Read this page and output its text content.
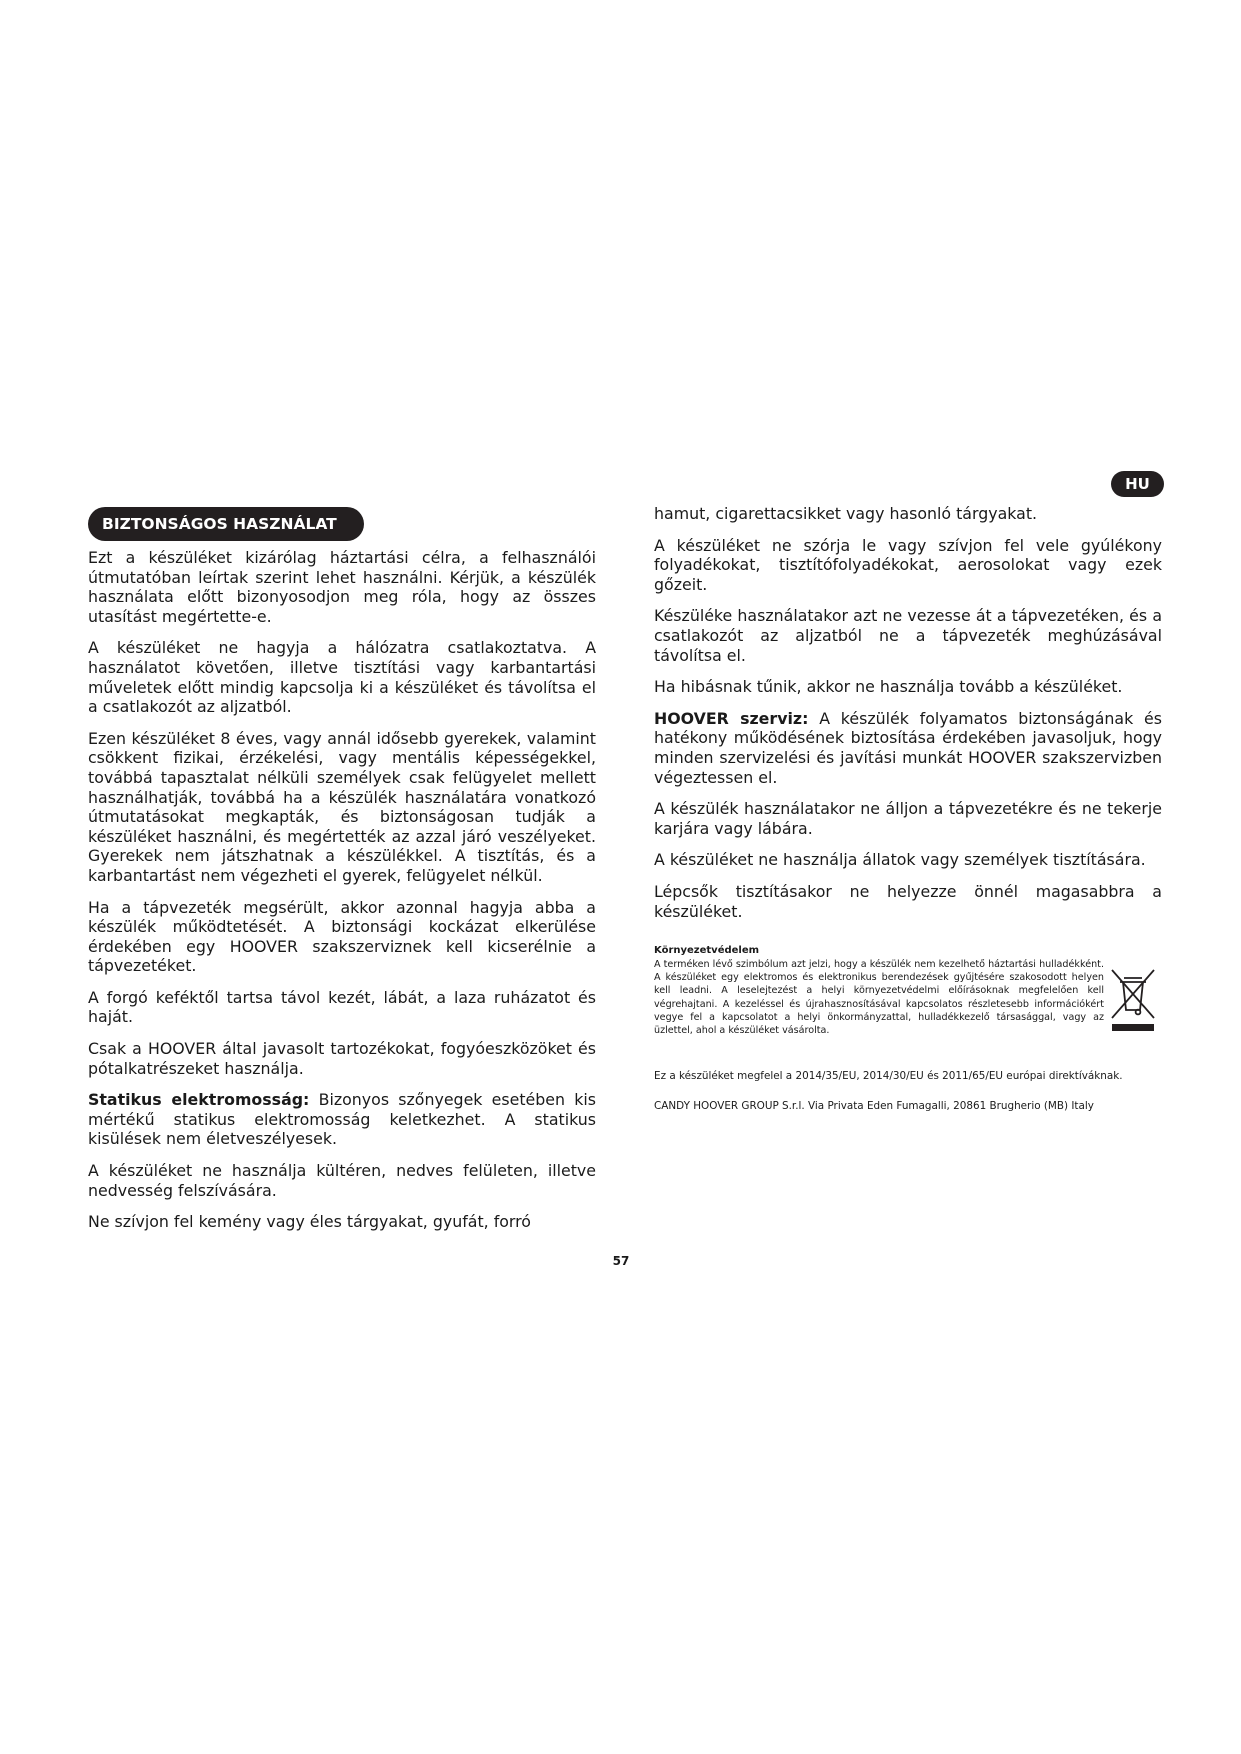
HU
BIZTONSÁGOS HASZNÁLAT

Ezt a készüléket kizárólag háztartási célra, a felhasználói útmutatóban leírtak szerint lehet használni. Kérjük, a készülék használata előtt bizonyosodjon meg róla, hogy az összes utasítást megértette-e.

A készüléket ne hagyja a hálózatra csatlakoztatva. A használatot követően, illetve tisztítási vagy karbantartási műveletek előtt mindig kapcsolja ki a készüléket és távolítsa el a csatlakozót az aljzatból.

Ezen készüléket 8 éves, vagy annál idősebb gyerekek, valamint csökkent fizikai, érzékelési, vagy mentális képességekkel, továbbá tapasztalat nélküli személyek csak felügyelet mellett használhatják, továbbá ha a készülék használatára vonatkozó útmutatásokat megkapták, és biztonságosan tudják a készüléket használni, és megértették az azzal járó veszélyeket. Gyerekek nem játszhatnak a készülékkel. A tisztítás, és a karbantartást nem végezheti el gyerek, felügyelet nélkül.

Ha a tápvezeték megsérült, akkor azonnal hagyja abba a készülék működtetését. A biztonsági kockázat elkerülése érdekében egy HOOVER szakszerviznek kell kicserélnie a tápvezetéket.

A forgó keféktől tartsa távol kezét, lábát, a laza ruházatot és haját.

Csak a HOOVER által javasolt tartozékokat, fogyóeszközöket és pótalkatrészeket használja.

Statikus elektromosság: Bizonyos szőnyegek esetében kis mértékű statikus elektromosság keletkezhet. A statikus kisülések nem életveszélyesek.

A készüléket ne használja kültéren, nedves felületen, illetve nedvesség felszívására.

Ne szívjon fel kemény vagy éles tárgyakat, gyufát, forró

hamut, cigarettacsikket vagy hasonló tárgyakat.

A készüléket ne szórja le vagy szívjon fel vele gyúlékony folyadékokat, tisztítófolyadékokat, aerosolokat vagy ezek gőzeit.

Készüléke használatakor azt ne vezesse át a tápvezetéken, és a csatlakozót az aljzatból ne a tápvezeték meghúzásával távolítsa el.

Ha hibásnak tűnik, akkor ne használja tovább a készüléket.

HOOVER szerviz: A készülék folyamatos biztonságának és hatékony működésének biztosítása érdekében javasoljuk, hogy minden szervizelési és javítási munkát HOOVER szakszervizben végeztessen el.

A készülék használatakor ne álljon a tápvezetékre és ne tekerje karjára vagy lábára.

A készüléket ne használja állatok vagy személyek tisztítására.

Lépcsők tisztításakor ne helyezze önnél magasabbra a készüléket.

Környezetvédelem

A terméken lévő szimbólum azt jelzi, hogy a készülék nem kezelhető háztartási hulladékként. A készüléket egy elektromos és elektronikus berendezések gyűjtésére szakosodott helyen kell leadni. A leselejtezést a helyi környezetvédelmi előírásoknak megfelelően kell végrehajtani. A kezeléssel és újrahasznosításával kapcsolatos részletesebb információkért vegye fel a kapcsolatot a helyi önkormányzattal, hulladékkezelő társasággal, vagy az üzlettel, ahol a készüléket vásárolta.

Ez a készüléket megfelel a 2014/35/EU, 2014/30/EU és 2011/65/EU európai direktíváknak.
CANDY HOOVER GROUP S.r.l. Via Privata Eden Fumagalli, 20861 Brugherio (MB) Italy
57
